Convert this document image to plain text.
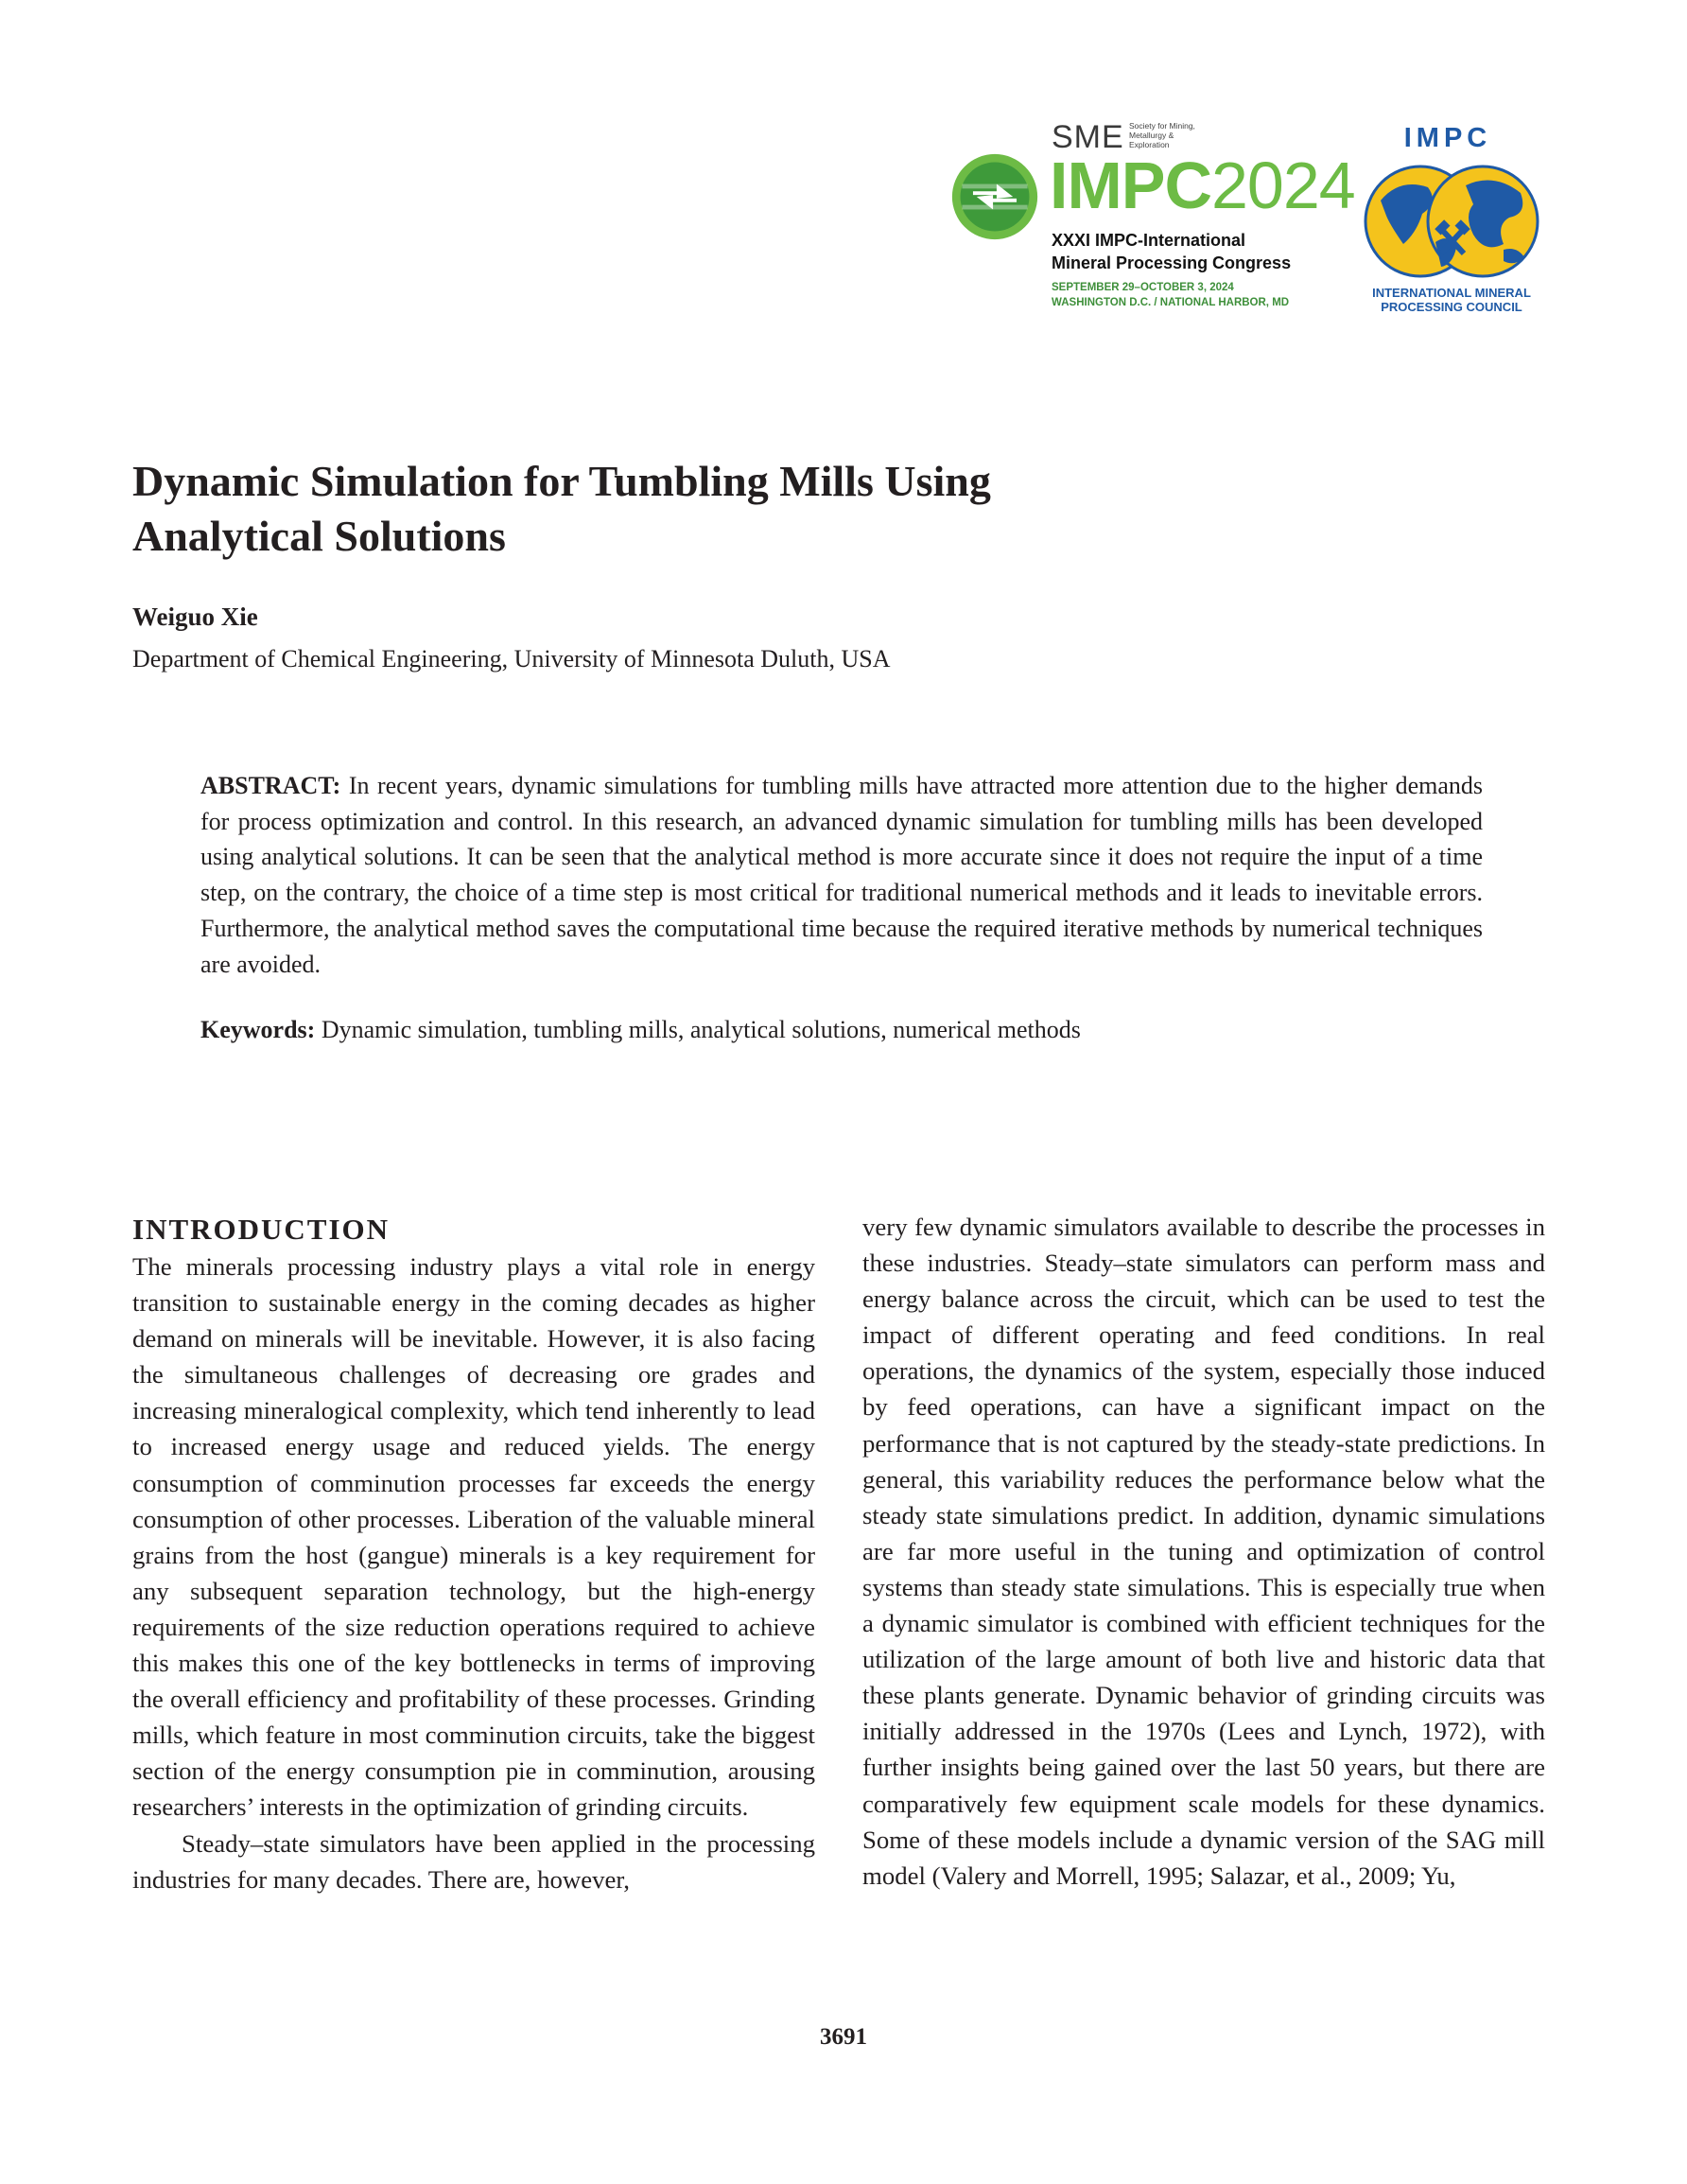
SME Society for Mining, Metallurgy & Exploration
IMPC2024
XXXI IMPC-International
Mineral Processing Congress
SEPTEMBER 29–OCTOBER 3, 2024
WASHINGTON D.C. / NATIONAL HARBOR, MD
IMPC
INTERNATIONAL MINERAL
PROCESSING COUNCIL
Dynamic Simulation for Tumbling Mills Using
Analytical Solutions

Weiguo Xie

Department of Chemical Engineering, University of Minnesota Duluth, USA

ABSTRACT: In recent years, dynamic simulations for tumbling mills have attracted more attention due to the higher demands for process optimization and control. In this research, an advanced dynamic simulation for tumbling mills has been developed using analytical solutions. It can be seen that the analytical method is more accurate since it does not require the input of a time step, on the contrary, the choice of a time step is most critical for traditional numerical methods and it leads to inevitable errors. Furthermore, the analytical method saves the computational time because the required iterative methods by numerical techniques are avoided.

Keywords: Dynamic simulation, tumbling mills, analytical solutions, numerical methods

INTRODUCTION

The minerals processing industry plays a vital role in energy transition to sustainable energy in the coming decades as higher demand on minerals will be inevitable. However, it is also facing the simultaneous challenges of decreasing ore grades and increasing mineralogical complexity, which tend inherently to lead to increased energy usage and reduced yields. The energy consumption of comminution processes far exceeds the energy consumption of other processes. Liberation of the valuable mineral grains from the host (gangue) minerals is a key requirement for any subsequent separation technology, but the high-energy requirements of the size reduction operations required to achieve this makes this one of the key bottlenecks in terms of improving the overall efficiency and profitability of these processes. Grinding mills, which feature in most comminution circuits, take the biggest section of the energy consumption pie in comminution, arousing researchers’ interests in the optimization of grinding circuits.

Steady–state simulators have been applied in the processing industries for many decades. There are, however,

very few dynamic simulators available to describe the processes in these industries. Steady–state simulators can perform mass and energy balance across the circuit, which can be used to test the impact of different operating and feed conditions. In real operations, the dynamics of the system, especially those induced by feed operations, can have a significant impact on the performance that is not captured by the steady-state predictions. In general, this variability reduces the performance below what the steady state simulations predict. In addition, dynamic simulations are far more useful in the tuning and optimization of control systems than steady state simulations. This is especially true when a dynamic simulator is combined with efficient techniques for the utilization of the large amount of both live and historic data that these plants generate. Dynamic behavior of grinding circuits was initially addressed in the 1970s (Lees and Lynch, 1972), with further insights being gained over the last 50 years, but there are comparatively few equipment scale models for these dynamics. Some of these models include a dynamic version of the SAG mill model (Valery and Morrell, 1995; Salazar, et al., 2009; Yu,

3691
